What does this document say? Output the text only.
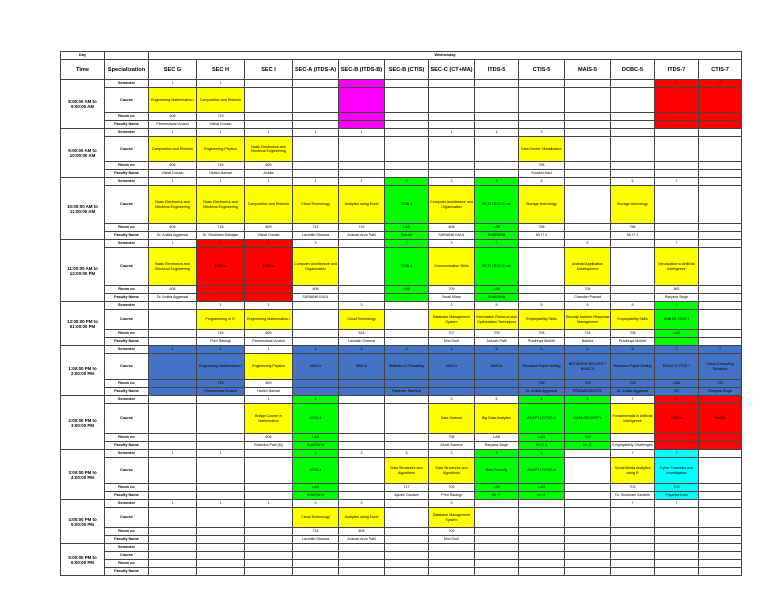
Day		Wednesday												
Time	Specialization	SEC G	SEC H	SEC I	SEC-A (ITDS-A)	SEC-B (ITDS-B)	SEC-B (CTIS)	SEC-C (CT+MA)	ITDS-5	CTIS-5	MAIS-5	DCBC-5	ITDS-7	CTIS-7
8:00:00 AM to 9:00:00 AM	Semester	1	1										7	7
	Course	Engineering Mathematics-I	Composition and Rhetoric											
	Room no	608	719											
	Faculty Name	Parmeshwari Anand	Vishal Gosain											
9:00:00 AM to 10:00:00 AM	Semester	1	1	1	1	1		1	1	5				
	Course	Composition and Rhetoric	Engineering Physics	Basic Electronics and Electrical Engineering						Data Center Virtualization				
	Room no	608	716	809						756				
	Faculty Name	Vishal Gosain	Harish Narwal	Ankita						Surabhi Kaul				
10:00:00 AM to 11:00:00 AM	Semester	1	1	1	1	1	3	3	5	5		5	7	
	Course	Basic Electronics and Electrical Engineering	Basic Electronics and Electrical Engineering	Composition and Rhetoric	Cloud Technology	Analytics using Excel	CSIA-3	Computer Architecture and Organization	BT-IT-ITDS-5 Lab	Storage technology		Storage technology		
	Room no	608	716	809	715	719	LAB	608	LAB	756		756		
	Faculty Name	Dr. Ankita Aggarwal	Dr. Shubham Mahajan	Vishal Gosain	Laxmikh Sharma	Ankush Arun Patil	Shruthi	SURABHI KAUL	SHARDHA	Mr IT 3		Mr IT 2		
11:00:00 AM to 12:00:00 PM	Semester	1	1	1	3		3	3	5		5		7	
	Course	Basic Electronics and Electrical Engineering	MMCA	MMCA	Computer Architecture and Organization		CSIA-3	Communication Skills	BT-IT-ITDS-5 Lab		Android Application Development		Introduction to Artificial Intelligence	
	Room no	608			608		LAB	709	LAB		706		BIS	
	Faculty Name	Dr. Ankita Aggarwal			SURABHI KAUL			Swati Miran	SHARDHA		Chandan Prasad		Ranjana Singh	
12:00:00 PM to 01:00:00 PM	Semester		1	1		3		3	5	5	5	5	7	
	Course		Programming in 'C'	Engineering Mathematics-I		Cloud Technology		Database Management System	Information Retrieval and Optimization Techniques	Employability Skills	Security Incident Response Management	Employability Skills	Multi-BT-ITDS-7	
	Room no		716	809		524		707	709	706	716	706	LAB	
	Faculty Name		Prim Rastogi	Parmeshwari Anand		Laxmikh Sharma		Mini Goel	Ankush Patil	Pradhnya Mohite	Barkha	Pradhnya Mohite		
1:00:00 PM to 2:00:00 PM	Semester	1	1	1	3	3	3	3	5	5	5	5	7	7
	Course		Engineering Mathematics-I	Engineering Physics	MMCA	MMCA	Statistics & Probability	MMCA	MMCA	Research Paper Writing	NETWORK SECURITY BASICS	Research Paper Writing	BTIAG-IT-ITDS-7	Cloud Computing Solutions
	Room no		716	809						706	705	706	LAB	703
	Faculty Name		Parmeshwari Anand	Harish Narwal			Ravinder Rakheja			Dr. Ankita Aggarwal	PRANABVASUTE	Dr. Ankita Aggarwal	KK	Ranjana Singh
2:00:00 PM to 3:00:00 PM	Semester			1	3			3	5	5	5	7	7	
	Course			Bridge Course in Mathematics	CSIA-3			Data Science	Big Data Analytics	ADAPT-IT-ITDS-5	DATA SECURITY	Fundamentals in Artificial Intelligence	MMCA	MMCA
	Room no			608	LAB			708	LAB	LAB	756			
	Faculty Name			Ravindra Patil (M)	SHARDHA			Mohit Saxena	Ranjana Singh	Mr IT 5	Mr IT	Employability Challenges		
3:00:00 PM to 4:00:00 PM	Semester	1	1		3	3	3	3	5	5		7	7	
	Course				CSIA-3		Data Structures and Algorithms	Data Structures and Algorithms	Data Security	ADAPT-IT-ITDS-5		Social Media Analytics using R	Cyber Forensics and Investigation	
	Room no				LAB		717	709	LAB	LAB		703	703	
	Faculty Name				SHARDHA		Ayushi Gautam	Prim Rastogi	Mr IT	Mr IT		Dr. Shubham Kaushik	Priyanka Kaur	
4:00:00 PM to 5:00:00 PM	Semester	1	1	1	3	3		3				7	7	
	Course				Cloud Technology	Analytics using Excel		Database Management System						
	Room no				716	608		709						
	Faculty Name				Laxmikh Sharma	Ankush Arun Patil		Mini Goel						
5:00:00 PM to 6:00:00 PM	Semester													
	Course													
	Room no													
	Faculty Name													
